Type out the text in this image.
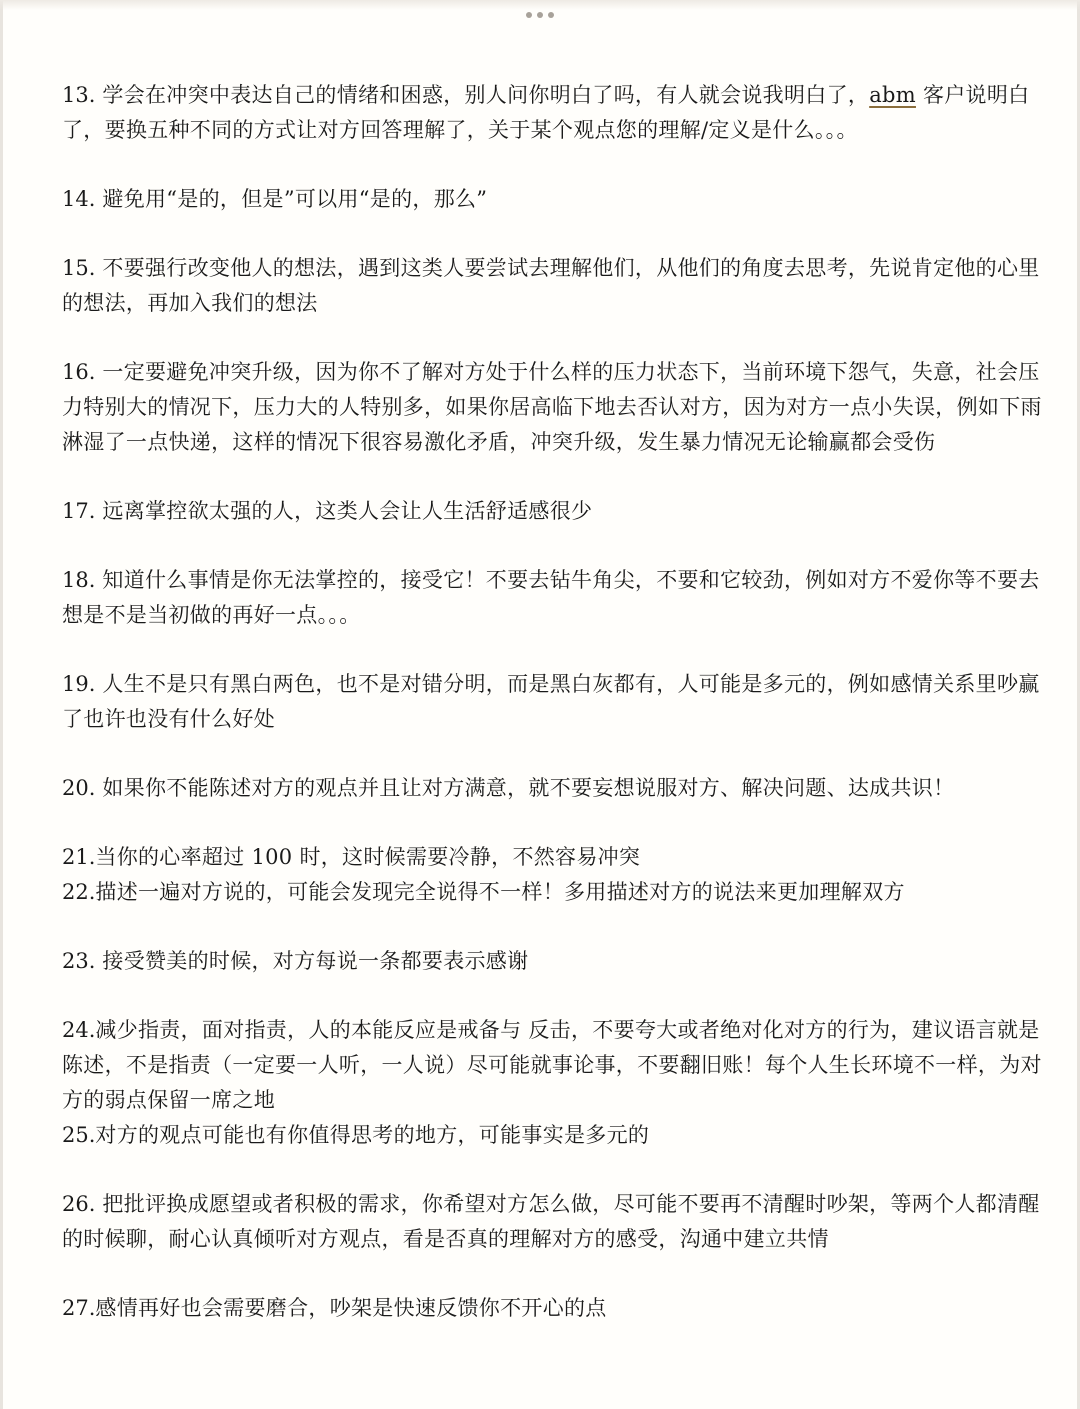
13. 学会在冲突中表达自己的情绪和困惑，别人问你明白了吗，有人就会说我明白了，abm 客户说明白了，要换五种不同的方式让对方回答理解了，关于某个观点您的理解/定义是什么。。。

14. 避免用“是的，但是”可以用“是的，那么”

15. 不要强行改变他人的想法，遇到这类人要尝试去理解他们，从他们的角度去思考，先说肯定他的心里的想法，再加入我们的想法

16. 一定要避免冲突升级，因为你不了解对方处于什么样的压力状态下，当前环境下怨气，失意，社会压力特别大的情况下，压力大的人特别多，如果你居高临下地去否认对方，因为对方一点小失误，例如下雨淋湿了一点快递，这样的情况下很容易激化矛盾，冲突升级，发生暴力情况无论输赢都会受伤

17. 远离掌控欲太强的人，这类人会让人生活舒适感很少

18. 知道什么事情是你无法掌控的，接受它！不要去钻牛角尖，不要和它较劲，例如对方不爱你等不要去想是不是当初做的再好一点。。。

19. 人生不是只有黑白两色，也不是对错分明，而是黑白灰都有，人可能是多元的，例如感情关系里吵赢了也许也没有什么好处

20. 如果你不能陈述对方的观点并且让对方满意，就不要妄想说服对方、解决问题、达成共识！

21.当你的心率超过 100 时，这时候需要冷静，不然容易冲突

22.描述一遍对方说的，可能会发现完全说得不一样！多用描述对方的说法来更加理解双方

23. 接受赞美的时候，对方每说一条都要表示感谢

24.减少指责，面对指责，人的本能反应是戒备与 反击，不要夸大或者绝对化对方的行为，建议语言就是陈述，不是指责（一定要一人听，一人说）尽可能就事论事，不要翻旧账！每个人生长环境不一样，为对方的弱点保留一席之地

25.对方的观点可能也有你值得思考的地方，可能事实是多元的

26. 把批评换成愿望或者积极的需求，你希望对方怎么做，尽可能不要再不清醒时吵架，等两个人都清醒的时候聊，耐心认真倾听对方观点，看是否真的理解对方的感受，沟通中建立共情

27.感情再好也会需要磨合，吵架是快速反馈你不开心的点
